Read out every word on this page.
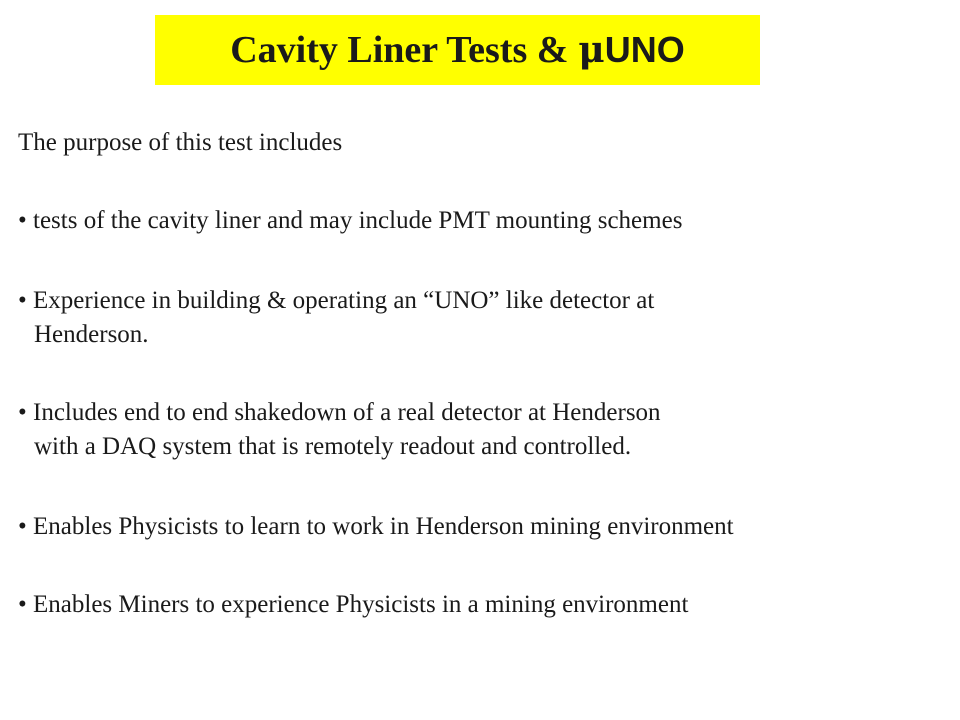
Cavity Liner Tests & μ UNO
The purpose of this test includes
• tests of the cavity liner and may include PMT mounting schemes
• Experience in building & operating an “UNO” like detector at
Henderson.
• Includes end to end shakedown of a real detector at Henderson
with a DAQ system that is remotely readout and controlled.
• Enables Physicists to learn to work in Henderson mining environment
• Enables Miners to experience Physicists in a mining environment
